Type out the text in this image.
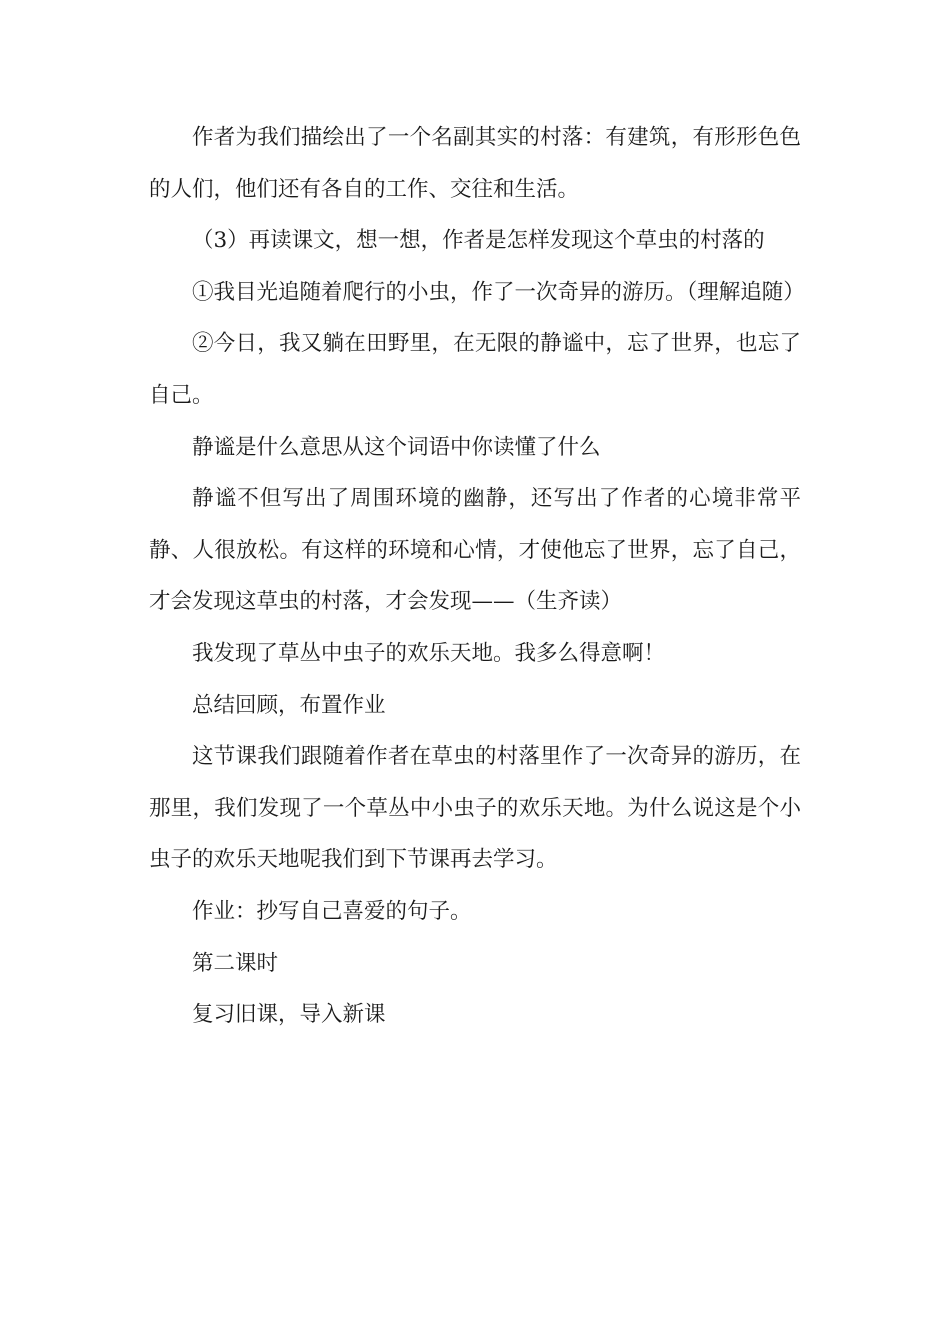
作者为我们描绘出了一个名副其实的村落：有建筑，有形形色色的人们，他们还有各自的工作、交往和生活。

（3）再读课文，想一想，作者是怎样发现这个草虫的村落的

①我目光追随着爬行的小虫，作了一次奇异的游历。（理解追随）

②今日，我又躺在田野里，在无限的静谧中，忘了世界，也忘了自己。

静谧是什么意思从这个词语中你读懂了什么

静谧不但写出了周围环境的幽静，还写出了作者的心境非常平静、人很放松。有这样的环境和心情，才使他忘了世界，忘了自己，才会发现这草虫的村落，才会发现——（生齐读）

我发现了草丛中虫子的欢乐天地。我多么得意啊！

总结回顾，布置作业

这节课我们跟随着作者在草虫的村落里作了一次奇异的游历，在那里，我们发现了一个草丛中小虫子的欢乐天地。为什么说这是个小虫子的欢乐天地呢我们到下节课再去学习。

作业：抄写自己喜爱的句子。

第二课时

复习旧课，导入新课
